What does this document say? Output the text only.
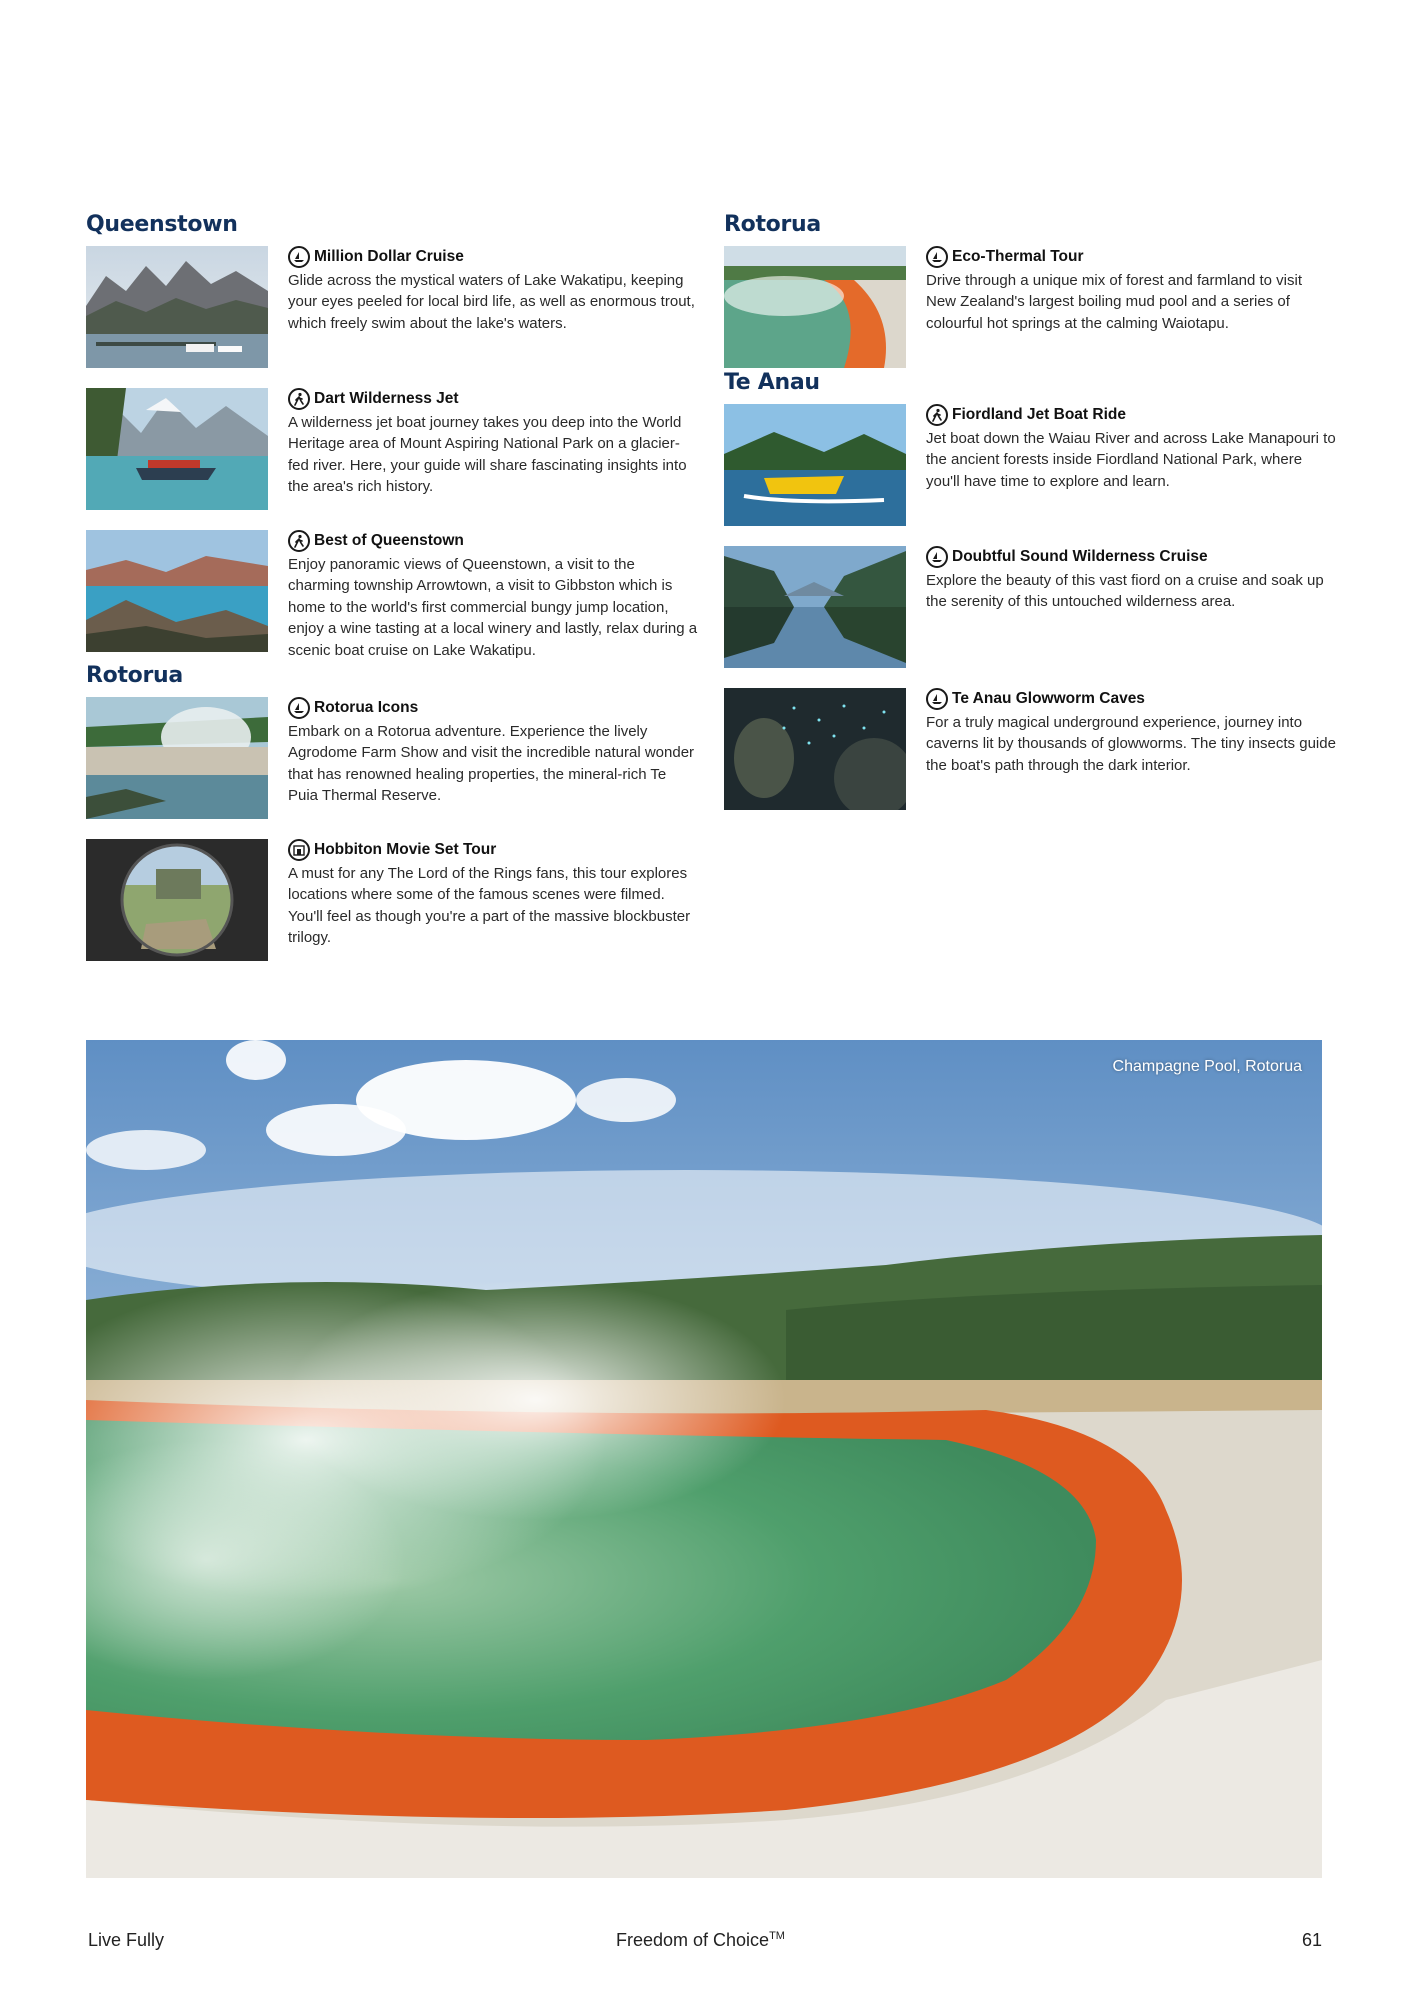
Queenstown
Million Dollar Cruise
Glide across the mystical waters of Lake Wakatipu, keeping your eyes peeled for local bird life, as well as enormous trout, which freely swim about the lake's waters.
Dart Wilderness Jet
A wilderness jet boat journey takes you deep into the World Heritage area of Mount Aspiring National Park on a glacier-fed river. Here, your guide will share fascinating insights into the area's rich history.
Best of Queenstown
Enjoy panoramic views of Queenstown, a visit to the charming township Arrowtown, a visit to Gibbston which is home to the world's first commercial bungy jump location, enjoy a wine tasting at a local winery and lastly, relax during a scenic boat cruise on Lake Wakatipu.
Rotorua
Rotorua Icons
Embark on a Rotorua adventure. Experience the lively Agrodome Farm Show and visit the incredible natural wonder that has renowned healing properties, the mineral-rich Te Puia Thermal Reserve.
Hobbiton Movie Set Tour
A must for any The Lord of the Rings fans, this tour explores locations where some of the famous scenes were filmed. You'll feel as though you're a part of the massive blockbuster trilogy.
Rotorua
Eco-Thermal Tour
Drive through a unique mix of forest and farmland to visit New Zealand's largest boiling mud pool and a series of colourful hot springs at the calming Waiotapu.
Te Anau
Fiordland Jet Boat Ride
Jet boat down the Waiau River and across Lake Manapouri to the ancient forests inside Fiordland National Park, where you'll have time to explore and learn.
Doubtful Sound Wilderness Cruise
Explore the beauty of this vast fiord on a cruise and soak up the serenity of this untouched wilderness area.
Te Anau Glowworm Caves
For a truly magical underground experience, journey into caverns lit by thousands of glowworms. The tiny insects guide the boat's path through the dark interior.
Champagne Pool, Rotorua
Live Fully	Freedom of Choice™	61
